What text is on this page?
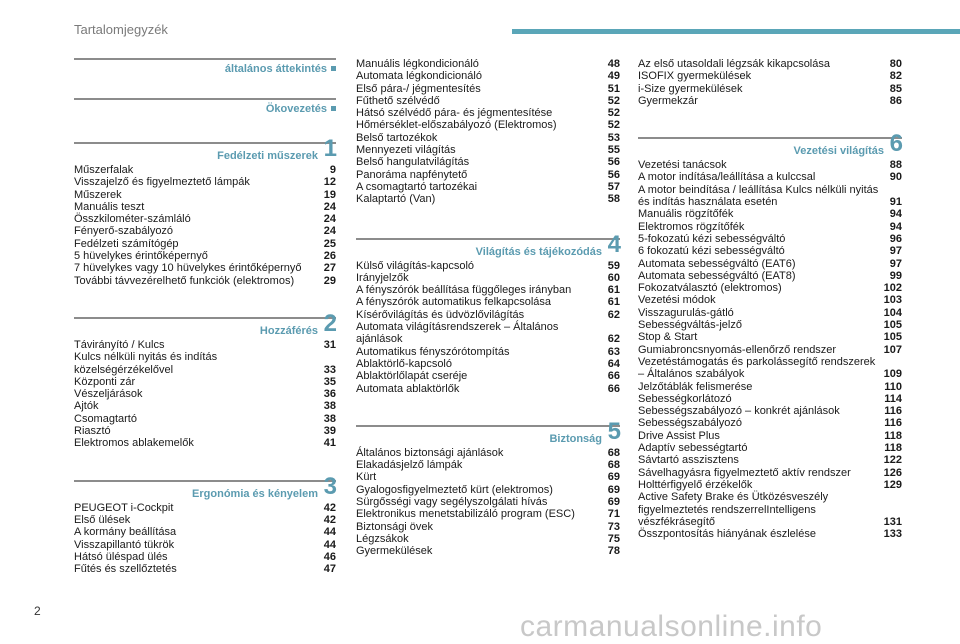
Tartalomjegyzék
általános áttekintés
Ökovezetés
Fedélzeti műszerek 1
Műszerfalak	9
Visszajelző és figyelmeztető lámpák	12
Műszerek	19
Manuális teszt	24
Összkilométer-számláló	24
Fényerő-szabályozó	24
Fedélzeti számítógép	25
5 hüvelykes érintőképernyő	26
7 hüvelykes vagy 10 hüvelykes érintőképernyő	27
További távvezérelhető funkciók (elektromos)	29
Hozzáférés 2
Távirányító / Kulcs	31
Kulcs nélküli nyitás és indítás közelségérzékelővel	33
Központi zár	35
Vészeljárások	36
Ajtók	38
Csomagtartó	38
Riasztó	39
Elektromos ablakemelők	41
Ergonómia és kényelem 3
PEUGEOT i-Cockpit	42
Első ülések	42
A kormány beállítása	44
Visszapillantó tükrök	44
Hátsó üléspad ülés	46
Fűtés és szellőztetés	47
Manuális légkondicionáló	48
Automata légkondicionáló	49
Első pára-/ jégmentesítés	51
Fűthető szélvédő	52
Hátsó szélvédő pára- és jégmentesítése	52
Hőmérséklet-előszabályozó (Elektromos)	52
Belső tartozékok	53
Mennyezeti világítás	55
Belső hangulatvilágítás	56
Panoráma napfénytető	56
A csomagtartó tartozékai	57
Kalaptartó (Van)	58
Világítás és tájékozódás 4
Külső világítás-kapcsoló	59
Irányjelzők	60
A fényszórók beállítása függőleges irányban	61
A fényszórók automatikus felkapcsolása	61
Kísérővilágítás és üdvözlővilágítás	62
Automata világításrendszerek – Általános ajánlások	62
Automatikus fényszórótompítás	63
Ablaktörlő-kapcsoló	64
Ablaktörlőlapát cseréje	66
Automata ablaktörlők	66
Biztonság 5
Általános biztonsági ajánlások	68
Elakadásjelző lámpák	68
Kürt	69
Gyalogosfigyelmeztető kürt (elektromos)	69
Sürgősségi vagy segélyszolgálati hívás	69
Elektronikus menetstabilizáló program (ESC)	71
Biztonsági övek	73
Légzsákok	75
Gyermekülések	78
Az első utasoldali légzsák kikapcsolása	80
ISOFIX gyermekülések	82
i-Size gyermekülések	85
Gyermekzár	86
Vezetési világítás 6
Vezetési tanácsok	88
A motor indítása/leállítása a kulccsal	90
A motor beindítása / leállítása Kulcs nélküli nyitás és indítás használata esetén	91
Manuális rögzítőfék	94
Elektromos rögzítőfék	94
5-fokozatú kézi sebességváltó	96
6 fokozatú kézi sebességváltó	97
Automata sebességváltó (EAT6)	97
Automata sebességváltó (EAT8)	99
Fokozatválasztó (elektromos)	102
Vezetési módok	103
Visszagurulás-gátló	104
Sebességváltás-jelző	105
Stop & Start	105
Gumiabroncsnyomás-ellenőrző rendszer	107
Vezetéstámogatás és parkolássegítő rendszerek – Általános szabályok	109
Jelzőtáblák felismerése	110
Sebességkorlátozó	114
Sebességszabályozó – konkrét ajánlások	116
Sebességszabályozó	116
Drive Assist Plus	118
Adaptív sebességtartó	118
Sávtartó asszisztens	122
Sávelhagyásra figyelmeztető aktív rendszer	126
Holttérfigyelő érzékelők	129
Active Safety Brake és Ütközésveszély figyelmeztetés rendszerrelIntelligens vészfékrásegítő	131
Összpontosítás hiányának észlelése	133
2	carmanualsonline.info
